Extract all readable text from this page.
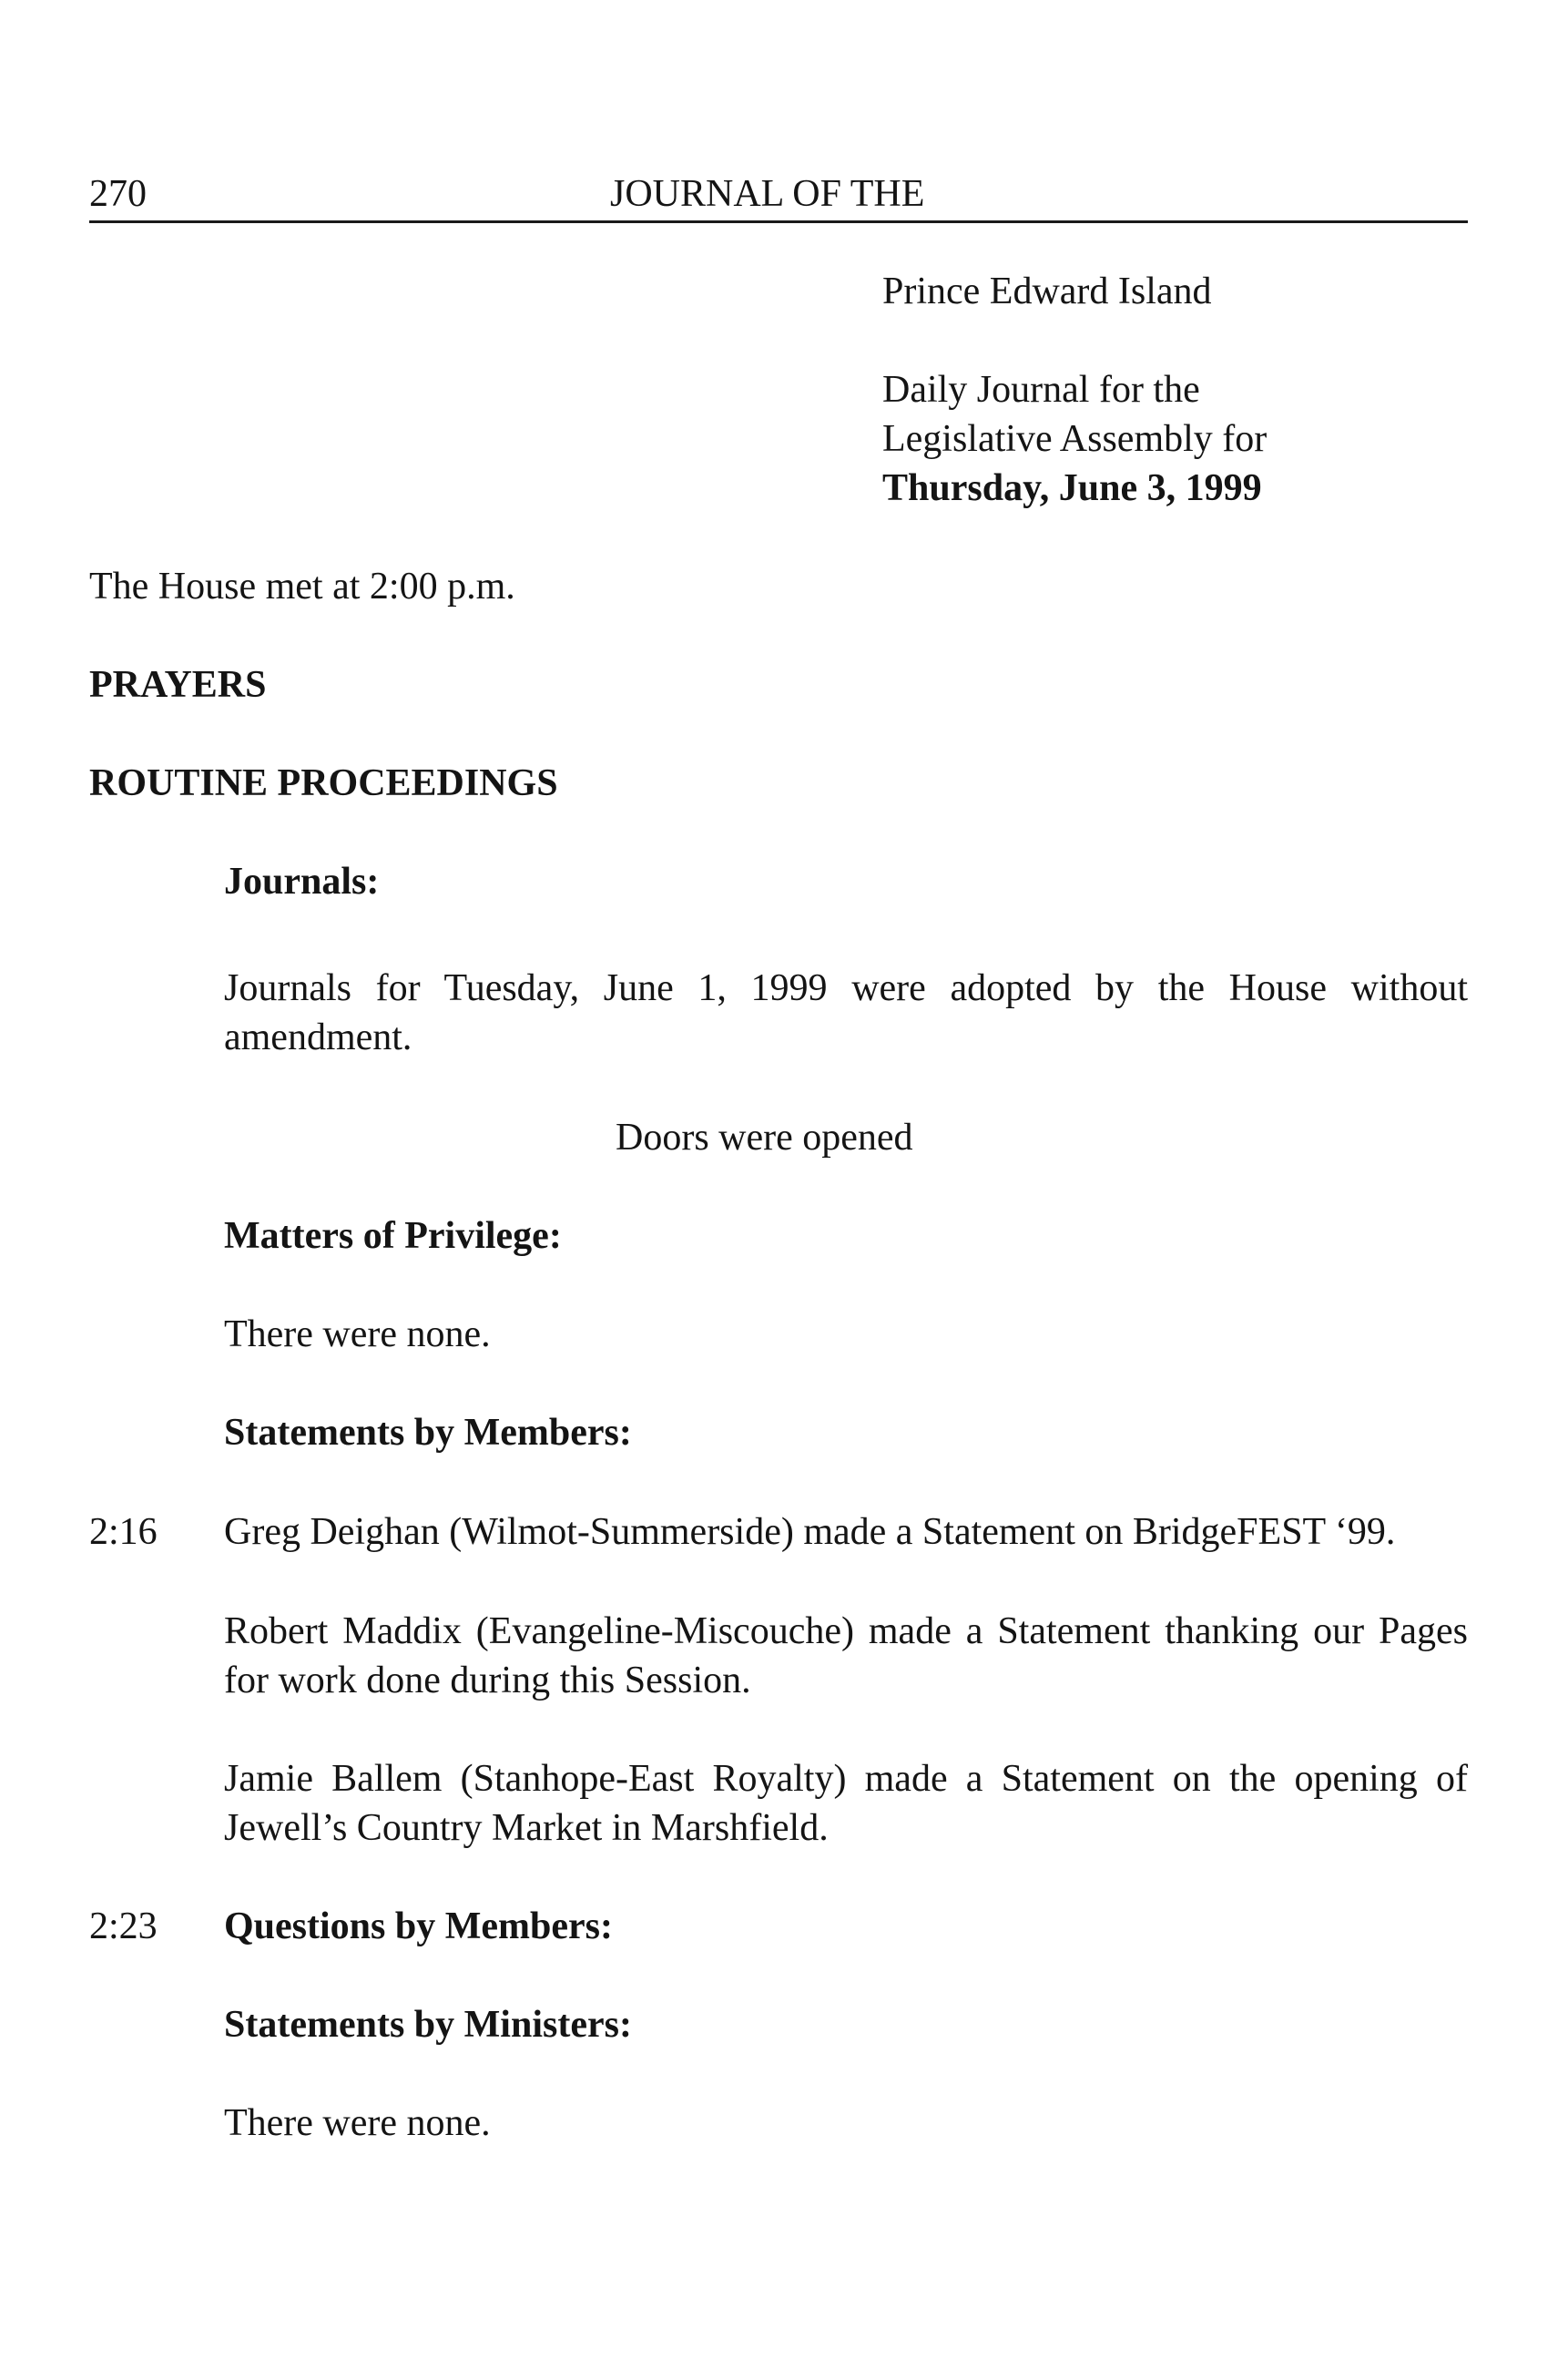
270	JOURNAL OF THE

Prince Edward Island

Daily Journal for the
Legislative Assembly for
Thursday, June 3, 1999

The House met at 2:00 p.m.

PRAYERS

ROUTINE PROCEEDINGS

Journals:

Journals for Tuesday, June 1, 1999 were adopted by the House without amendment.

Doors were opened

Matters of Privilege:

There were none.

Statements by Members:

2:16 Greg Deighan (Wilmot-Summerside) made a Statement on BridgeFEST ‘99.

Robert Maddix (Evangeline-Miscouche) made a Statement thanking our Pages for work done during this Session.

Jamie Ballem (Stanhope-East Royalty) made a Statement on the opening of Jewell’s Country Market in Marshfield.

2:23 Questions by Members:

Statements by Ministers:

There were none.
